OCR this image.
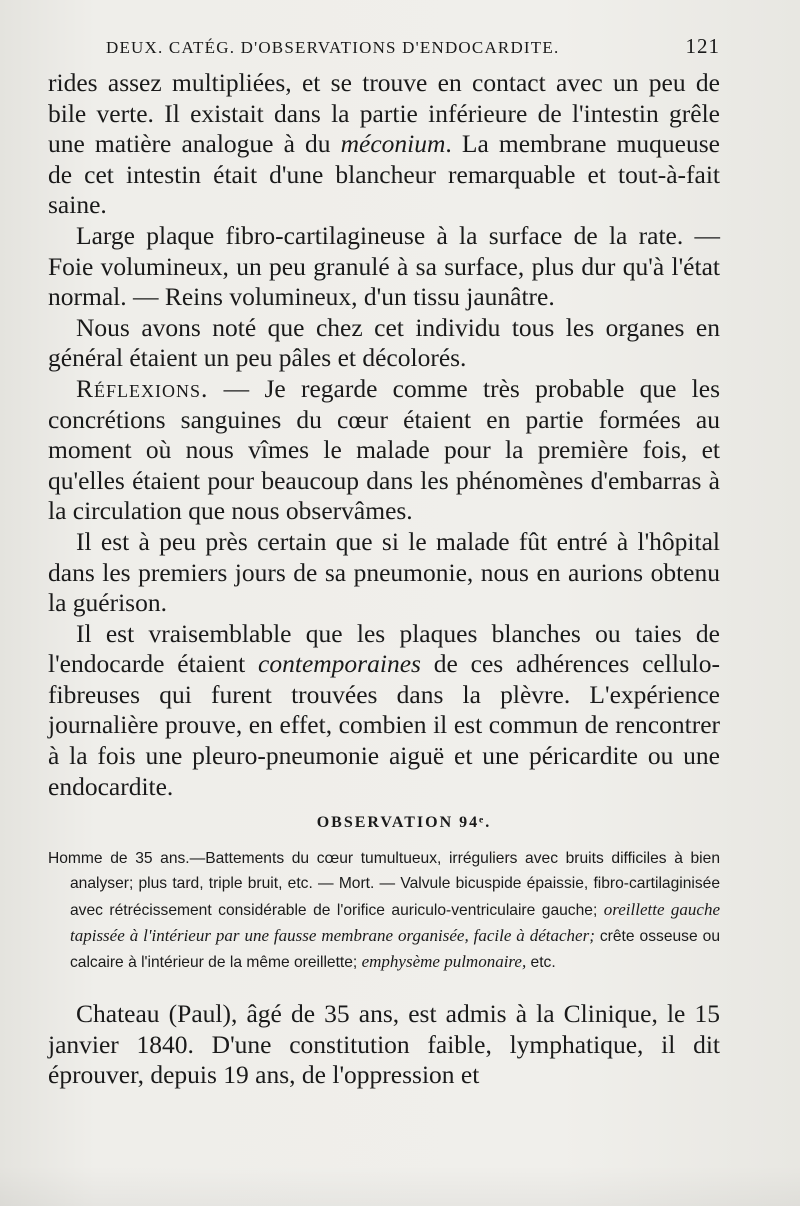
DEUX. CATÉG. D'OBSERVATIONS D'ENDOCARDITE.	121

rides assez multipliées, et se trouve en contact avec un peu de bile verte. Il existait dans la partie inférieure de l'intestin grêle une matière analogue à du méconium. La membrane muqueuse de cet intestin était d'une blancheur remarquable et tout-à-fait saine.

Large plaque fibro-cartilagineuse à la surface de la rate. — Foie volumineux, un peu granulé à sa surface, plus dur qu'à l'état normal. — Reins volumineux, d'un tissu jaunâtre.

Nous avons noté que chez cet individu tous les organes en général étaient un peu pâles et décolorés.

Réflexions. — Je regarde comme très probable que les concrétions sanguines du cœur étaient en partie formées au moment où nous vîmes le malade pour la première fois, et qu'elles étaient pour beaucoup dans les phénomènes d'embarras à la circulation que nous observâmes.

Il est à peu près certain que si le malade fût entré à l'hôpital dans les premiers jours de sa pneumonie, nous en aurions obtenu la guérison.

Il est vraisemblable que les plaques blanches ou taies de l'endocarde étaient contemporaines de ces adhérences cellulo-fibreuses qui furent trouvées dans la plèvre. L'expérience journalière prouve, en effet, combien il est commun de rencontrer à la fois une pleuro-pneumonie aiguë et une péricardite ou une endocardite.

OBSERVATION 94ᵉ.

Homme de 35 ans.—Battements du cœur tumultueux, irréguliers avec bruits difficiles à bien analyser; plus tard, triple bruit, etc. — Mort. — Valvule bicuspide épaissie, fibro-cartilaginisée avec rétrécissement considérable de l'orifice auriculo-ventriculaire gauche; oreillette gauche tapissée à l'intérieur par une fausse membrane organisée, facile à détacher; crête osseuse ou calcaire à l'intérieur de la même oreillette; emphysème pulmonaire, etc.

Chateau (Paul), âgé de 35 ans, est admis à la Clinique, le 15 janvier 1840. D'une constitution faible, lymphatique, il dit éprouver, depuis 19 ans, de l'oppression et
